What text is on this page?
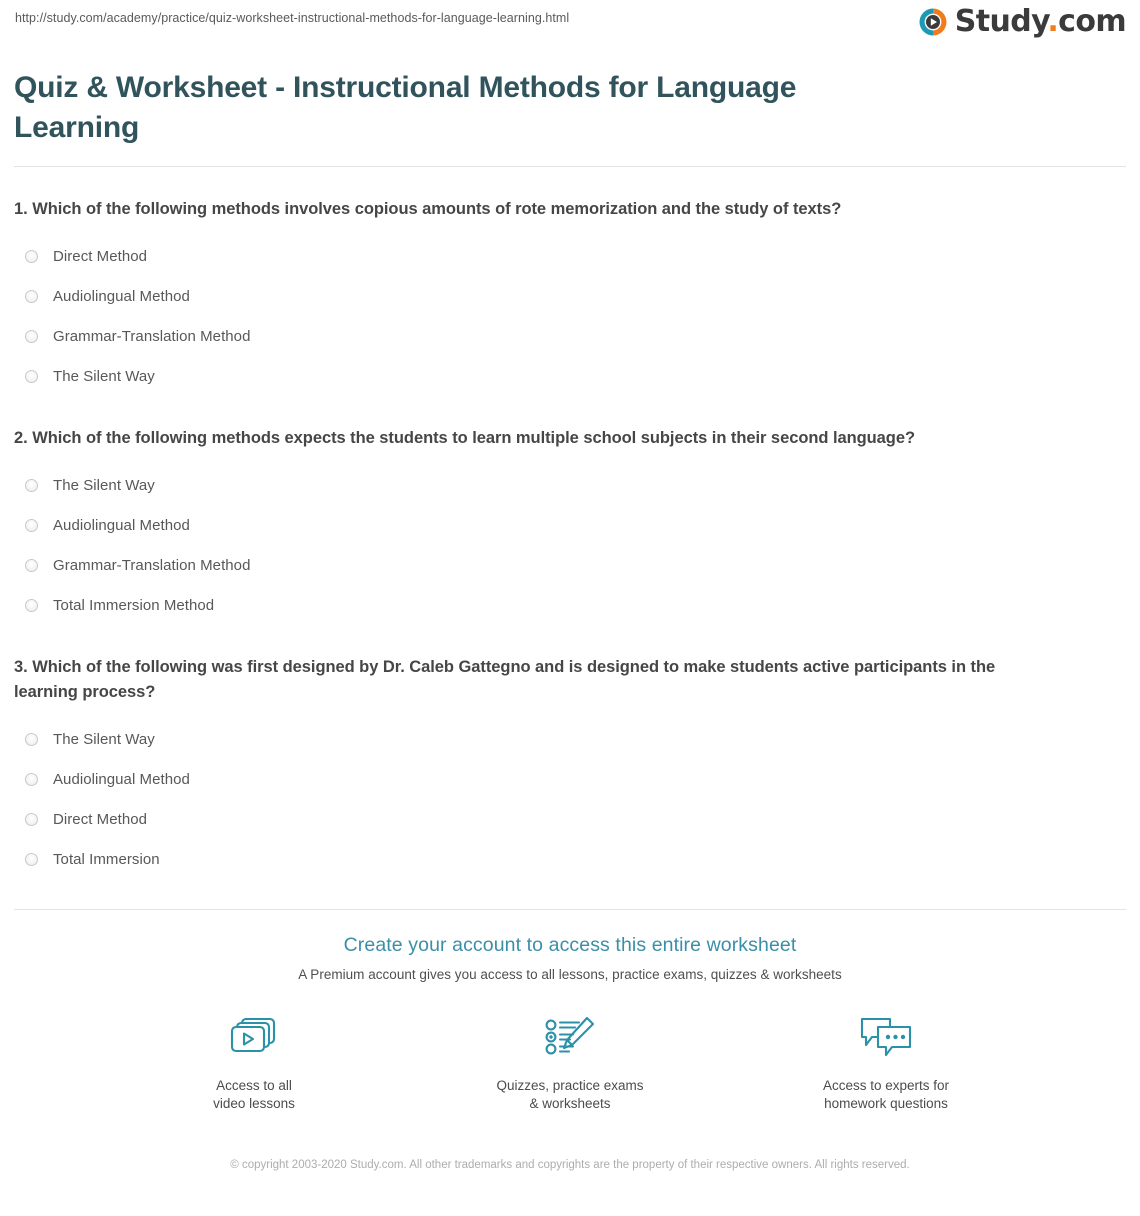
http://study.com/academy/practice/quiz-worksheet-instructional-methods-for-language-learning.html	Study.com
Quiz & Worksheet - Instructional Methods for Language Learning
1. Which of the following methods involves copious amounts of rote memorization and the study of texts?
Direct Method
Audiolingual Method
Grammar-Translation Method
The Silent Way
2. Which of the following methods expects the students to learn multiple school subjects in their second language?
The Silent Way
Audiolingual Method
Grammar-Translation Method
Total Immersion Method
3. Which of the following was first designed by Dr. Caleb Gattegno and is designed to make students active participants in the learning process?
The Silent Way
Audiolingual Method
Direct Method
Total Immersion
Create your account to access this entire worksheet
A Premium account gives you access to all lessons, practice exams, quizzes & worksheets
Access to all
video lessons
Quizzes, practice exams
& worksheets
Access to experts for
homework questions
© copyright 2003-2020 Study.com. All other trademarks and copyrights are the property of their respective owners. All rights reserved.
